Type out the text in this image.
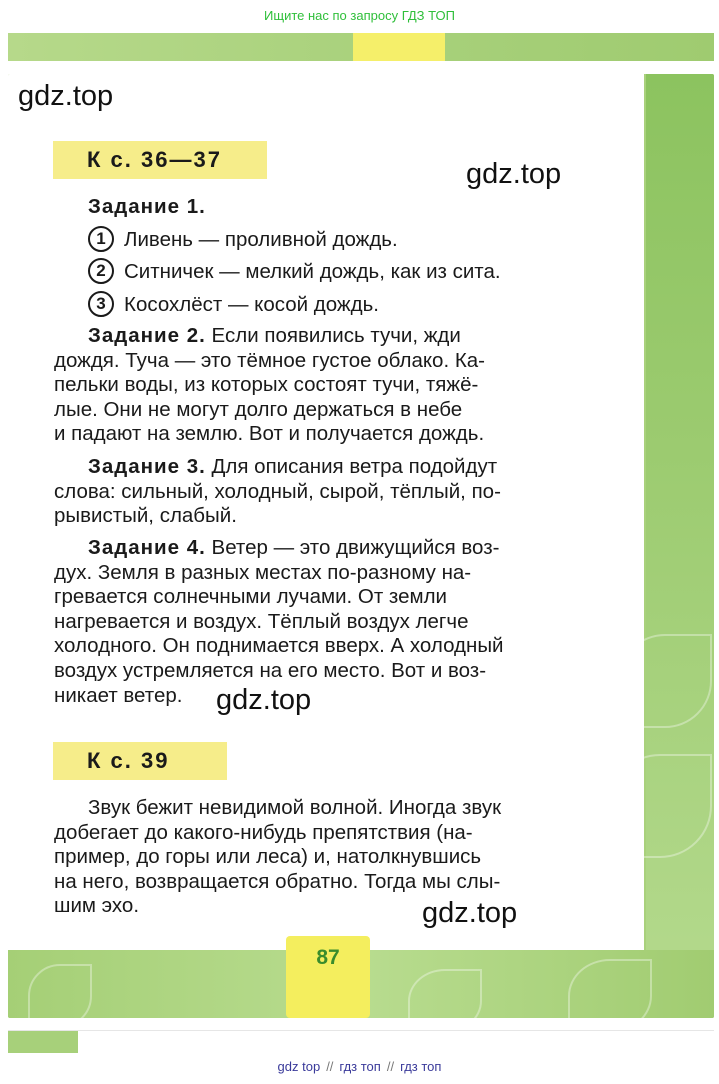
Ищите нас по запросу ГДЗ ТОП
gdz.top
К с. 36—37	gdz.top
Задание 1.
1 Ливень — проливной дождь.
2 Ситничек — мелкий дождь, как из сита.
3 Косохлёст — косой дождь.
Задание 2. Если появились тучи, жди
дождя. Туча — это тёмное густое облако. Ка-
пельки воды, из которых состоят тучи, тяжё-
лые. Они не могут долго держаться в небе
и падают на землю. Вот и получается дождь.
Задание 3. Для описания ветра подойдут
слова: сильный, холодный, сырой, тёплый, по-
рывистый, слабый.
Задание 4. Ветер — это движущийся воз-
дух. Земля в разных местах по-разному на-
гревается солнечными лучами. От земли
нагревается и воздух. Тёплый воздух легче
холодного. Он поднимается вверх. А холодный
воздух устремляется на его место. Вот и воз-
никает ветер.	gdz.top
К с. 39
Звук бежит невидимой волной. Иногда звук
добегает до какого-нибудь препятствия (на-
пример, до горы или леса) и, натолкнувшись
на него, возвращается обратно. Тогда мы слы-
шим эхо.	gdz.top
87
gdz top // гдз топ // гдз топ
